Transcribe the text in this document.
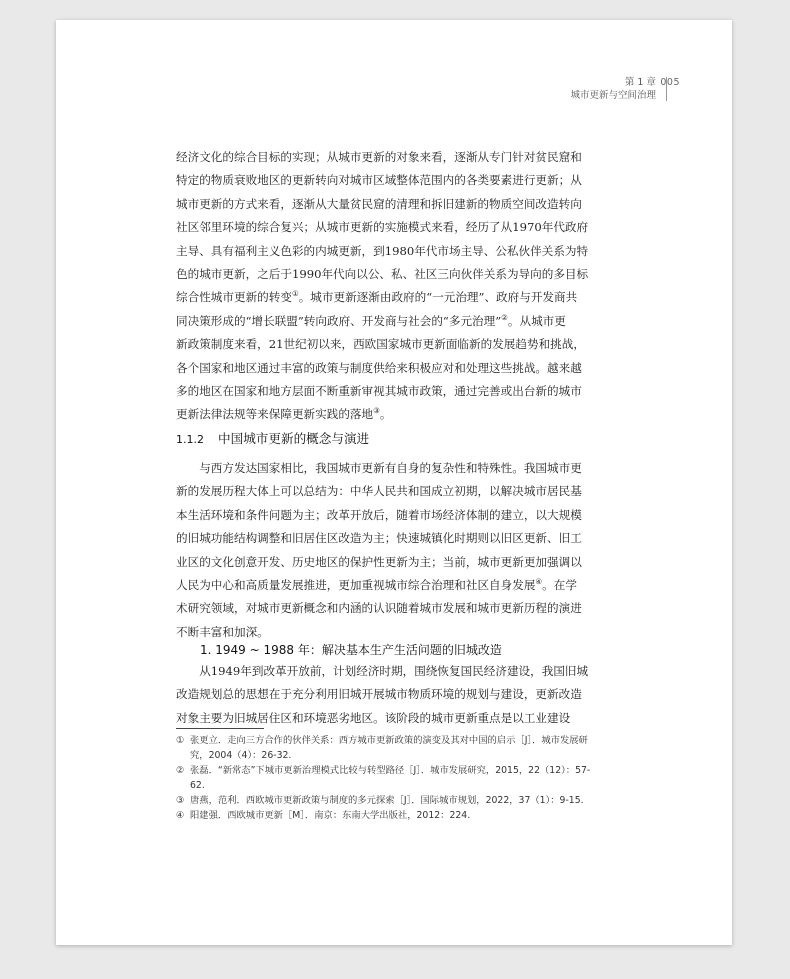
第 1 章
城市更新与空间治理
005

经济文化的综合目标的实现；从城市更新的对象来看，逐渐从专门针对贫民窟和
特定的物质衰败地区的更新转向对城市区域整体范围内的各类要素进行更新；从
城市更新的方式来看，逐渐从大量贫民窟的清理和拆旧建新的物质空间改造转向
社区邻里环境的综合复兴；从城市更新的实施模式来看，经历了从1970年代政府
主导、具有福利主义色彩的内城更新，到1980年代市场主导、公私伙伴关系为特
色的城市更新，之后于1990年代向以公、私、社区三向伙伴关系为导向的多目标
综合性城市更新的转变①。城市更新逐渐由政府的“一元治理”、政府与开发商共
同决策形成的“增长联盟”转向政府、开发商与社会的“多元治理”②。从城市更
新政策制度来看，21世纪初以来，西欧国家城市更新面临新的发展趋势和挑战，
各个国家和地区通过丰富的政策与制度供给来积极应对和处理这些挑战。越来越
多的地区在国家和地方层面不断重新审视其城市政策，通过完善或出台新的城市
更新法律法规等来保障更新实践的落地③。

1.1.2 中国城市更新的概念与演进

与西方发达国家相比，我国城市更新有自身的复杂性和特殊性。我国城市更
新的发展历程大体上可以总结为：中华人民共和国成立初期，以解决城市居民基
本生活环境和条件问题为主；改革开放后，随着市场经济体制的建立，以大规模
的旧城功能结构调整和旧居住区改造为主；快速城镇化时期则以旧区更新、旧工
业区的文化创意开发、历史地区的保护性更新为主；当前，城市更新更加强调以
人民为中心和高质量发展推进，更加重视城市综合治理和社区自身发展④。在学
术研究领域，对城市更新概念和内涵的认识随着城市发展和城市更新历程的演进
不断丰富和加深。

1. 1949 ~ 1988 年：解决基本生产生活问题的旧城改造

从1949年到改革开放前，计划经济时期，围绕恢复国民经济建设，我国旧城
改造规划总的思想在于充分利用旧城开展城市物质环境的规划与建设，更新改造
对象主要为旧城居住区和环境恶劣地区。该阶段的城市更新重点是以工业建设

① 张更立．走向三方合作的伙伴关系：西方城市更新政策的演变及其对中国的启示［J］．城市发展研究，2004（4）：26-32.
② 张磊．“新常态”下城市更新治理模式比较与转型路径［J］．城市发展研究，2015，22（12）：57-62.
③ 唐燕，范利．西欧城市更新政策与制度的多元探索［J］．国际城市规划，2022，37（1）：9-15.
④ 阳建强．西欧城市更新［M］．南京：东南大学出版社，2012：224.
